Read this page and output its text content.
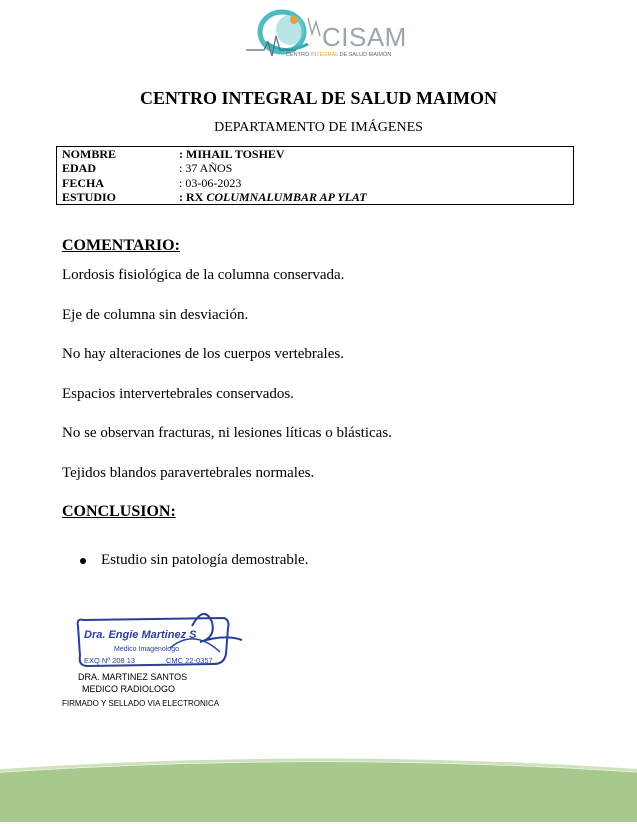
CISAM
CENTRO INTEGRAL DE SALUD MAIMÓN
CENTRO INTEGRAL DE SALUD MAIMON
DEPARTAMENTO DE IMÁGENES
NOMBRE	: MIHAIL TOSHEV
EDAD	: 37 AÑOS
FECHA	: 03-06-2023
ESTUDIO	: RX COLUMNALUMBAR AP YLAT
COMENTARIO:
Lordosis fisiológica de la columna conservada.
Eje de columna sin desviación.
No hay alteraciones de los cuerpos vertebrales.
Espacios intervertebrales conservados.
No se observan fracturas, ni lesiones líticas o blásticas.
Tejidos blandos paravertebrales normales.
CONCLUSION:
Estudio sin patología demostrable.
Dra. Engie Martinez S
Medico Imagenologo
EXQ Nº 208 13	CMC 22-0357
DRA. MARTINEZ SANTOS
MEDICO RADIOLOGO
FIRMADO Y SELLADO VIA ELECTRONICA
